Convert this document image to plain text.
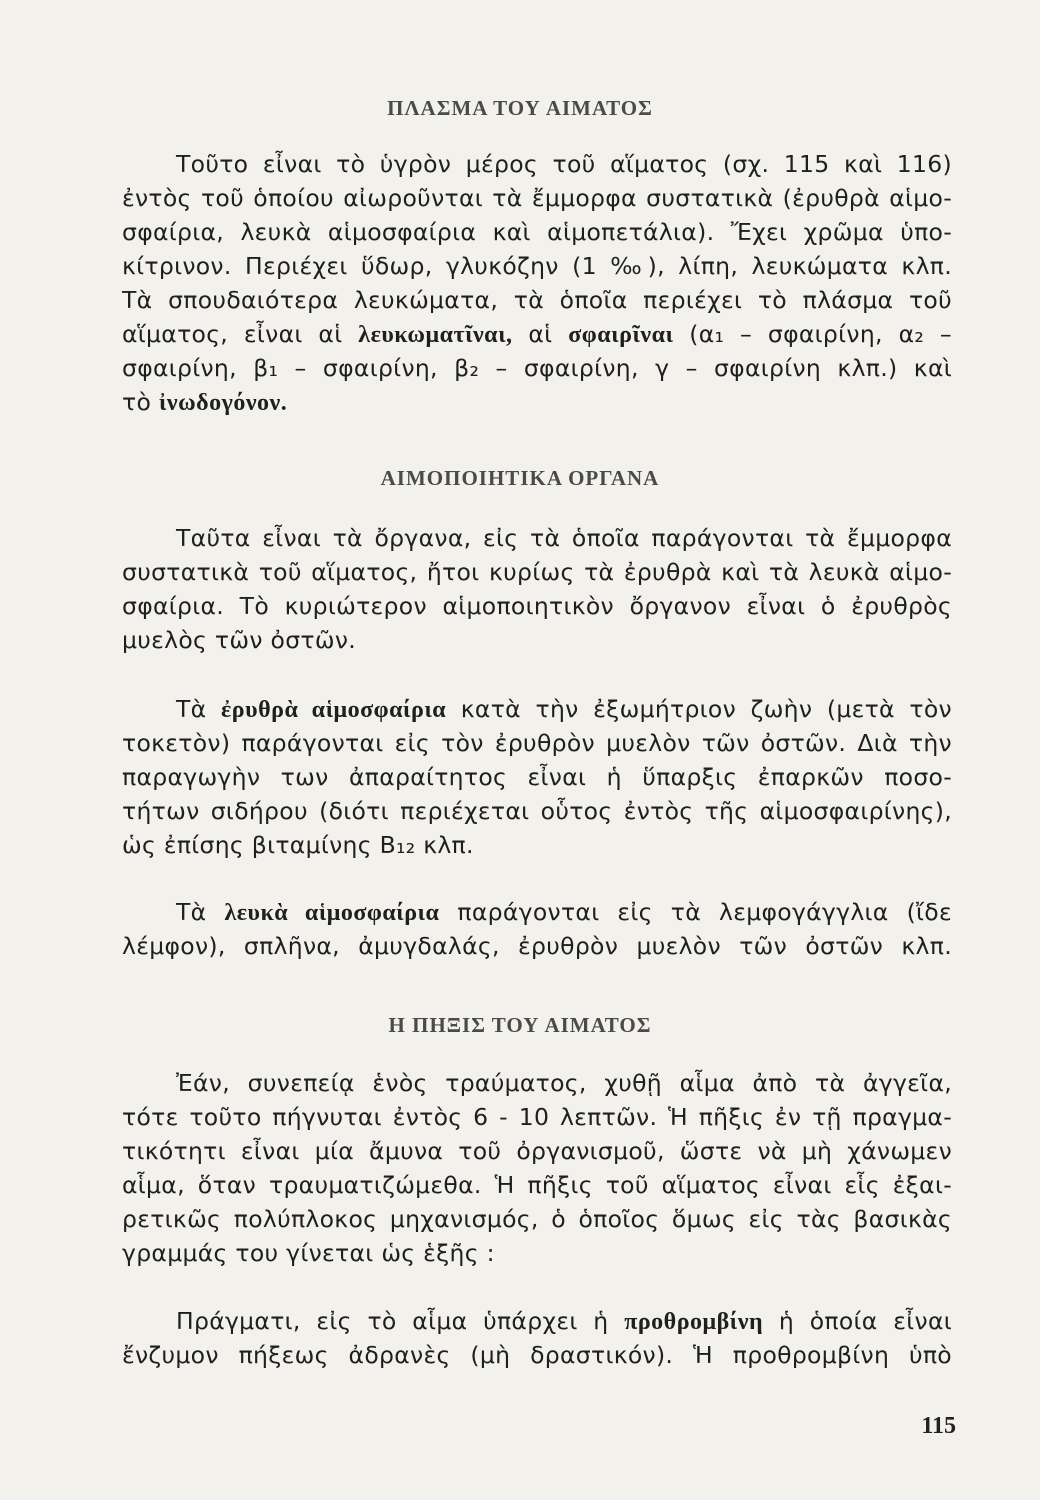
ΠΛΑΣΜΑ ΤΟΥ ΑΙΜΑΤΟΣ
Τοῦτο εἶναι τὸ ὑγρὸν μέρος τοῦ αἵματος (σχ. 115 καὶ 116)
ἐντὸς τοῦ ὁποίου αἰωροῦνται τὰ ἔμμορφα συστατικὰ (ἐρυθρὰ αἱμο-
σφαίρια, λευκὰ αἱμοσφαίρια καὶ αἱμοπετάλια). Ἔχει χρῶμα ὑπο-
κίτρινον. Περιέχει ὕδωρ, γλυκόζην (1 ‰), λίπη, λευκώματα κλπ.
Τὰ σπουδαιότερα λευκώματα, τὰ ὁποῖα περιέχει τὸ πλάσμα τοῦ
αἵματος, εἶναι αἱ λευκωματῖναι, αἱ σφαιρῖναι (α₁ – σφαιρίνη, α₂ –
σφαιρίνη, β₁ – σφαιρίνη, β₂ – σφαιρίνη, γ – σφαιρίνη κλπ.) καὶ
τὸ ἰνωδογόνον.
ΑΙΜΟΠΟΙΗΤΙΚΑ ΟΡΓΑΝΑ
Ταῦτα εἶναι τὰ ὄργανα, εἰς τὰ ὁποῖα παράγονται τὰ ἔμμορφα
συστατικὰ τοῦ αἵματος, ἤτοι κυρίως τὰ ἐρυθρὰ καὶ τὰ λευκὰ αἱμο-
σφαίρια. Τὸ κυριώτερον αἱμοποιητικὸν ὄργανον εἶναι ὁ ἐρυθρὸς
μυελὸς τῶν ὀστῶν.
Τὰ ἐρυθρὰ αἱμοσφαίρια κατὰ τὴν ἐξωμήτριον ζωὴν (μετὰ τὸν
τοκετὸν) παράγονται εἰς τὸν ἐρυθρὸν μυελὸν τῶν ὀστῶν. Διὰ τὴν
παραγωγὴν των ἀπαραίτητος εἶναι ἡ ὕπαρξις ἐπαρκῶν ποσο-
τήτων σιδήρου (διότι περιέχεται οὗτος ἐντὸς τῆς αἱμοσφαιρίνης),
ὡς ἐπίσης βιταμίνης Β₁₂ κλπ.
Τὰ λευκὰ αἱμοσφαίρια παράγονται εἰς τὰ λεμφογάγγλια (ἴδε
λέμφον), σπλῆνα, ἀμυγδαλάς, ἐρυθρὸν μυελὸν τῶν ὀστῶν κλπ.
Η ΠΗΞΙΣ ΤΟΥ ΑΙΜΑΤΟΣ
Ἐάν, συνεπείᾳ ἑνὸς τραύματος, χυθῇ αἷμα ἀπὸ τὰ ἀγγεῖα,
τότε τοῦτο πήγνυται ἐντὸς 6 - 10 λεπτῶν. Ἡ πῆξις ἐν τῇ πραγμα-
τικότητι εἶναι μία ἄμυνα τοῦ ὀργανισμοῦ, ὥστε νὰ μὴ χάνωμεν
αἷμα, ὅταν τραυματιζώμεθα. Ἡ πῆξις τοῦ αἵματος εἶναι εἷς ἐξαι-
ρετικῶς πολύπλοκος μηχανισμός, ὁ ὁποῖος ὅμως εἰς τὰς βασικὰς
γραμμάς του γίνεται ὡς ἑξῆς :
Πράγματι, εἰς τὸ αἷμα ὑπάρχει ἡ προθρομβίνη ἡ ὁποία εἶναι
ἔνζυμον πήξεως ἀδρανὲς (μὴ δραστικόν). Ἡ προθρομβίνη ὑπὸ
115
